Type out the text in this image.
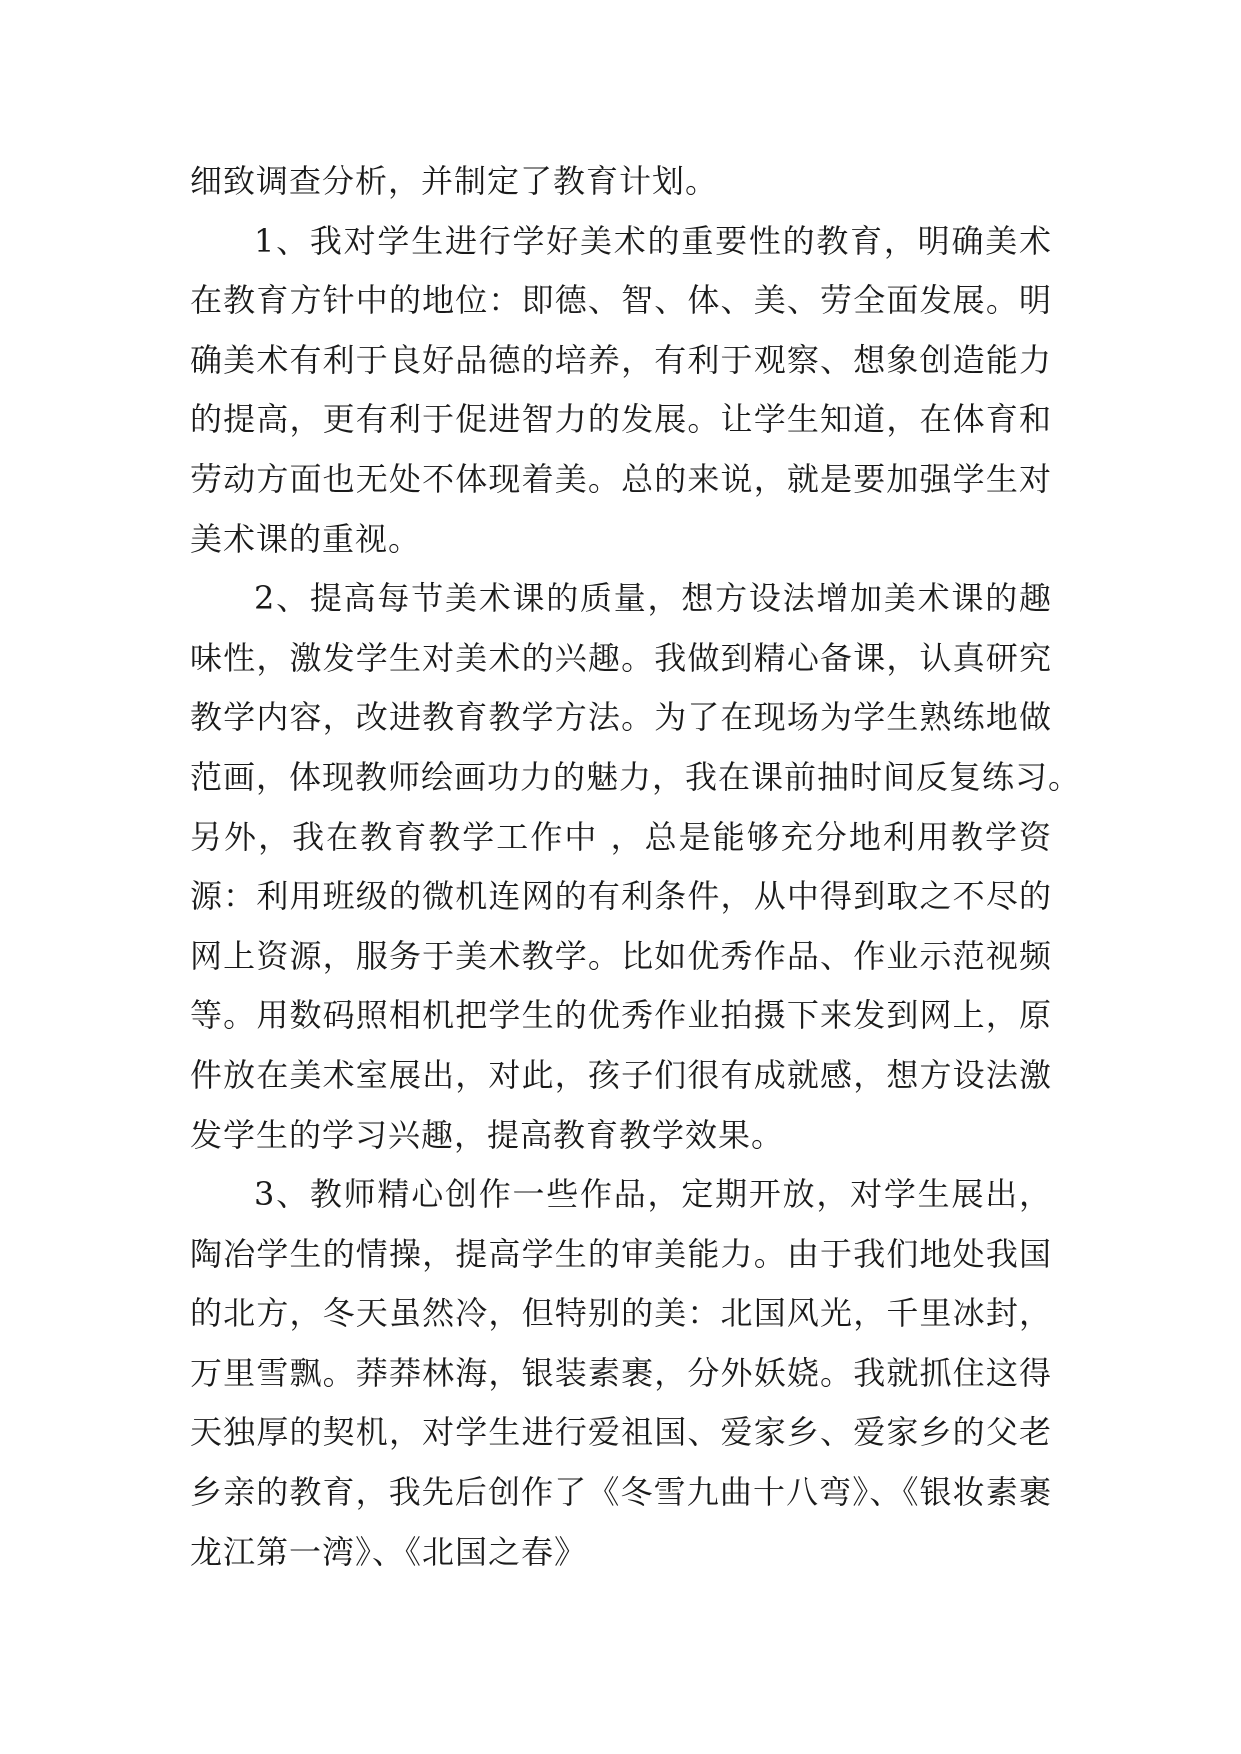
细致调查分析，并制定了教育计划。
1、我对学生进行学好美术的重要性的教育，明确美术
在教育方针中的地位：即德、智、体、美、劳全面发展。明
确美术有利于良好品德的培养，有利于观察、想象创造能力
的提高，更有利于促进智力的发展。让学生知道，在体育和
劳动方面也无处不体现着美。总的来说，就是要加强学生对
美术课的重视。
2、提高每节美术课的质量，想方设法增加美术课的趣
味性，激发学生对美术的兴趣。我做到精心备课，认真研究
教学内容，改进教育教学方法。为了在现场为学生熟练地做
范画，体现教师绘画功力的魅力，我在课前抽时间反复练习。
另外，我在教育教学工作中 ，总是能够充分地利用教学资
源：利用班级的微机连网的有利条件，从中得到取之不尽的
网上资源，服务于美术教学。比如优秀作品、作业示范视频
等。用数码照相机把学生的优秀作业拍摄下来发到网上，原
件放在美术室展出，对此，孩子们很有成就感，想方设法激
发学生的学习兴趣，提高教育教学效果。
3、教师精心创作一些作品，定期开放，对学生展出，
陶冶学生的情操，提高学生的审美能力。由于我们地处我国
的北方，冬天虽然冷，但特别的美：北国风光，千里冰封，
万里雪飘。莽莽林海，银装素裹，分外妖娆。我就抓住这得
天独厚的契机，对学生进行爱祖国、爱家乡、爱家乡的父老
乡亲的教育，我先后创作了《冬雪九曲十八弯》、《银妆素裹
龙江第一湾》、《北国之春》
